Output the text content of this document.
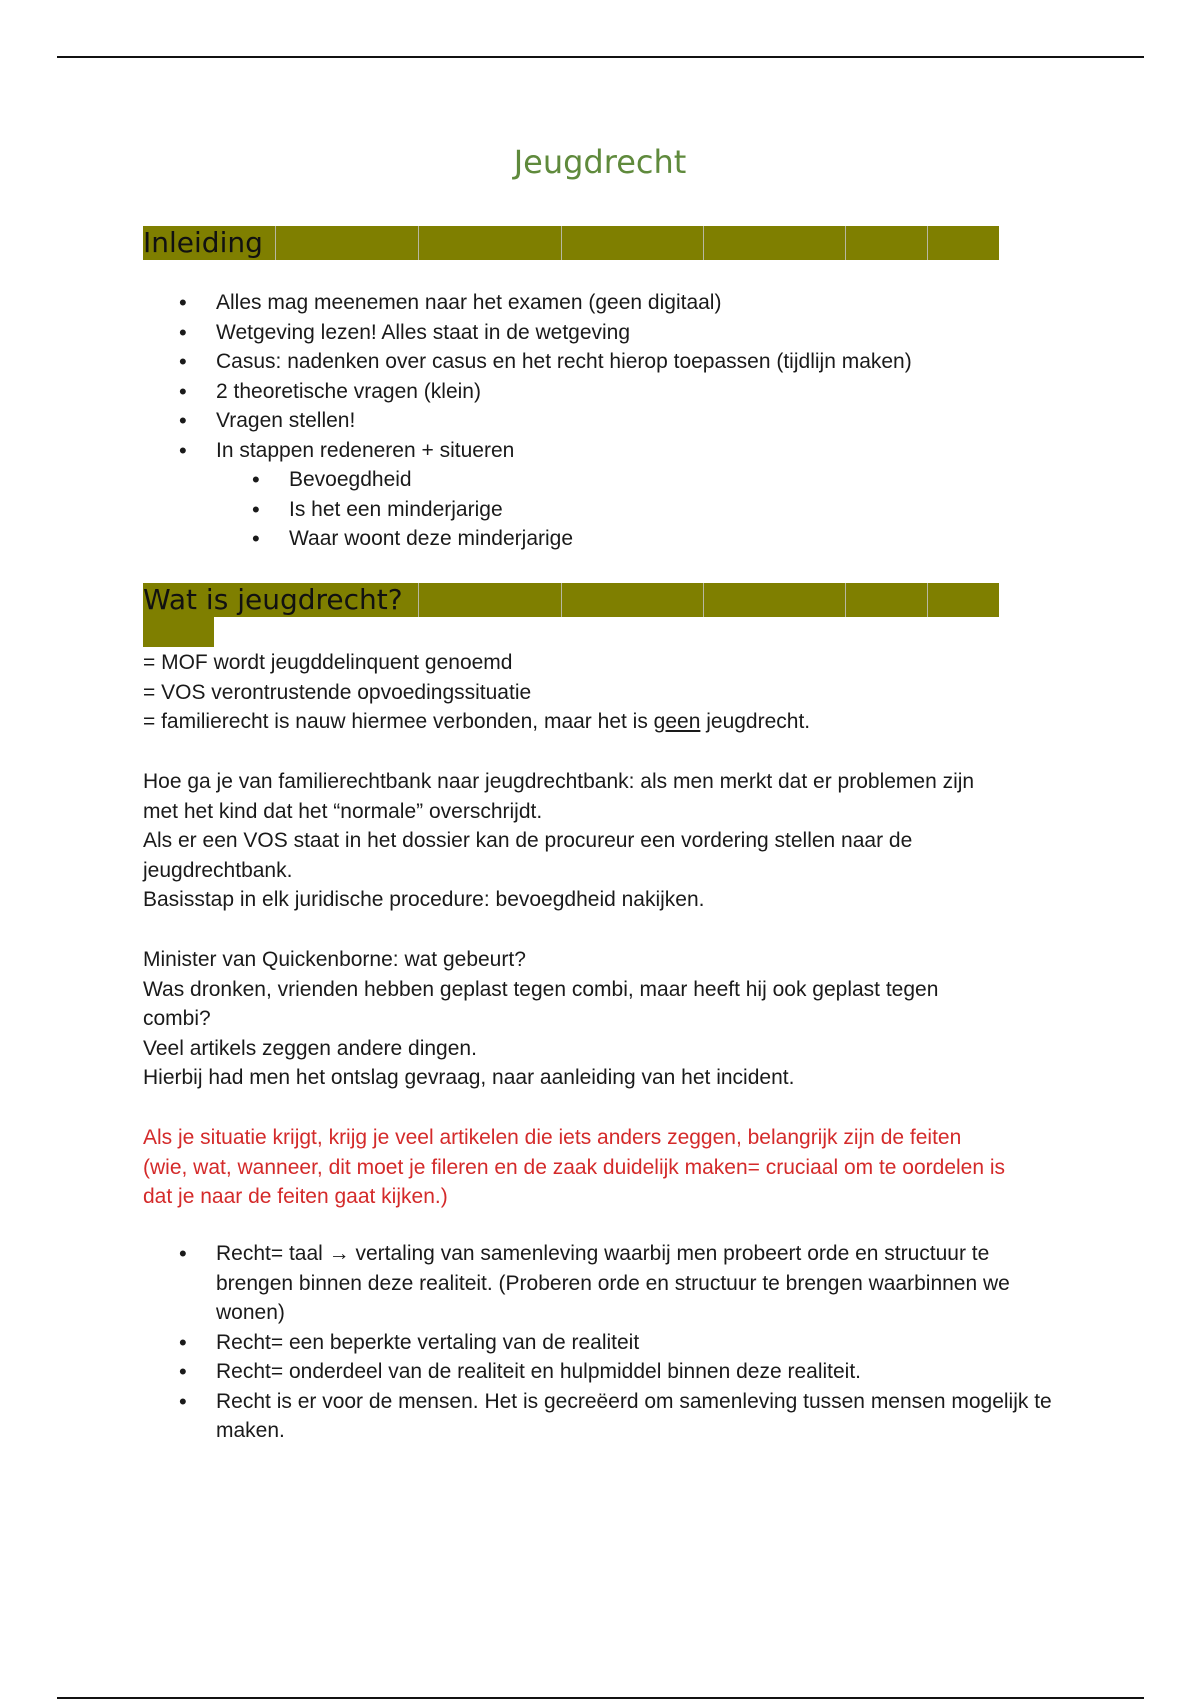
Jeugdrecht
Inleiding
• Alles mag meenemen naar het examen (geen digitaal)
• Wetgeving lezen! Alles staat in de wetgeving
• Casus: nadenken over casus en het recht hierop toepassen (tijdlijn maken)
• 2 theoretische vragen (klein)
• Vragen stellen!
• In stappen redeneren + situeren
• Bevoegdheid
• Is het een minderjarige
• Waar woont deze minderjarige
Wat is jeugdrecht?
= MOF wordt jeugddelinquent genoemd
= VOS verontrustende opvoedingssituatie
= familierecht is nauw hiermee verbonden, maar het is geen jeugdrecht.
Hoe ga je van familierechtbank naar jeugdrechtbank: als men merkt dat er problemen zijn
met het kind dat het “normale” overschrijdt.
Als er een VOS staat in het dossier kan de procureur een vordering stellen naar de
jeugdrechtbank.
Basisstap in elk juridische procedure: bevoegdheid nakijken.
Minister van Quickenborne: wat gebeurt?
Was dronken, vrienden hebben geplast tegen combi, maar heeft hij ook geplast tegen
combi?
Veel artikels zeggen andere dingen.
Hierbij had men het ontslag gevraag, naar aanleiding van het incident.
Als je situatie krijgt, krijg je veel artikelen die iets anders zeggen, belangrijk zijn de feiten
(wie, wat, wanneer, dit moet je fileren en de zaak duidelijk maken= cruciaal om te oordelen is
dat je naar de feiten gaat kijken.)
• Recht= taal → vertaling van samenleving waarbij men probeert orde en structuur te brengen binnen deze realiteit. (Proberen orde en structuur te brengen waarbinnen we wonen)
• Recht= een beperkte vertaling van de realiteit
• Recht= onderdeel van de realiteit en hulpmiddel binnen deze realiteit.
• Recht is er voor de mensen. Het is gecreëerd om samenleving tussen mensen mogelijk te maken.
